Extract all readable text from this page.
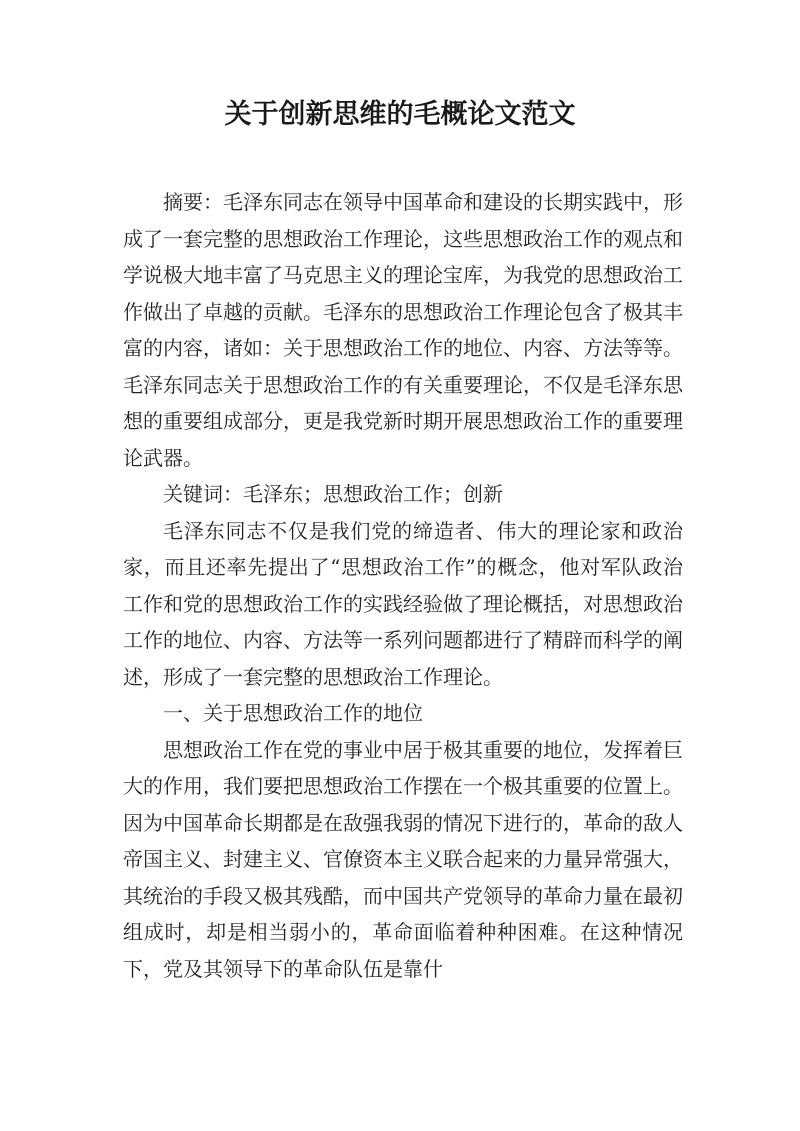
关于创新思维的毛概论文范文

摘要：毛泽东同志在领导中国革命和建设的长期实践中，形成了一套完整的思想政治工作理论，这些思想政治工作的观点和学说极大地丰富了马克思主义的理论宝库，为我党的思想政治工作做出了卓越的贡献。毛泽东的思想政治工作理论包含了极其丰富的内容，诸如：关于思想政治工作的地位、内容、方法等等。毛泽东同志关于思想政治工作的有关重要理论，不仅是毛泽东思想的重要组成部分，更是我党新时期开展思想政治工作的重要理论武器。

关键词：毛泽东；思想政治工作；创新

毛泽东同志不仅是我们党的缔造者、伟大的理论家和政治家，而且还率先提出了“思想政治工作”的概念，他对军队政治工作和党的思想政治工作的实践经验做了理论概括，对思想政治工作的地位、内容、方法等一系列问题都进行了精辟而科学的阐述，形成了一套完整的思想政治工作理论。

一、关于思想政治工作的地位

思想政治工作在党的事业中居于极其重要的地位，发挥着巨大的作用，我们要把思想政治工作摆在一个极其重要的位置上。因为中国革命长期都是在敌强我弱的情况下进行的，革命的敌人帝国主义、封建主义、官僚资本主义联合起来的力量异常强大，其统治的手段又极其残酷，而中国共产党领导的革命力量在最初组成时，却是相当弱小的，革命面临着种种困难。在这种情况下，党及其领导下的革命队伍是靠什
